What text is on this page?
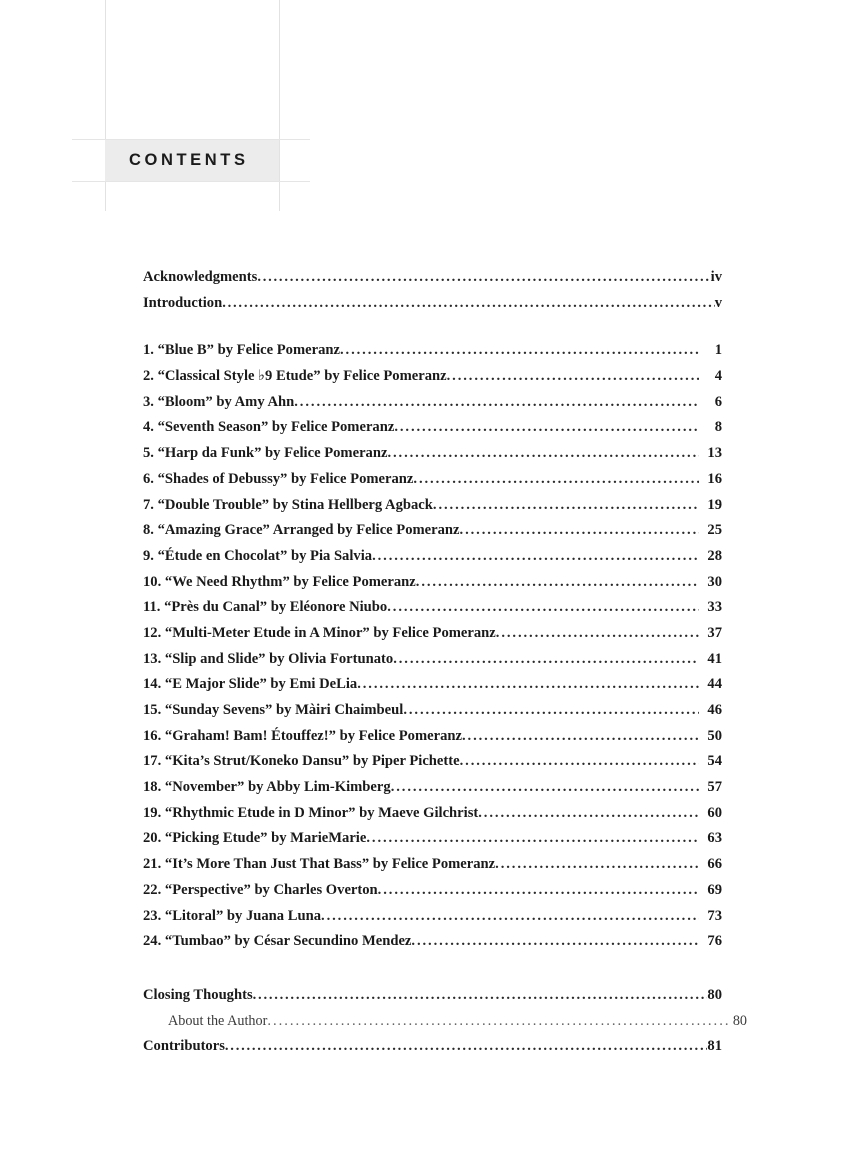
CONTENTS
Acknowledgments .....	iv
Introduction .....	v
1. “Blue B” by Felice Pomeranz .....	1
2. “Classical Style ♭9 Etude” by Felice Pomeranz .....	4
3. “Bloom” by Amy Ahn .....	6
4. “Seventh Season” by Felice Pomeranz .....	8
5. “Harp da Funk” by Felice Pomeranz .....	13
6. “Shades of Debussy” by Felice Pomeranz .....	16
7. “Double Trouble” by Stina Hellberg Agback .....	19
8. “Amazing Grace” Arranged by Felice Pomeranz .....	25
9. “Étude en Chocolat” by Pia Salvia .....	28
10. “We Need Rhythm” by Felice Pomeranz .....	30
11. “Près du Canal” by Eléonore Niubo .....	33
12. “Multi-Meter Etude in A Minor” by Felice Pomeranz .....	37
13. “Slip and Slide” by Olivia Fortunato .....	41
14. “E Major Slide” by Emi DeLia .....	44
15. “Sunday Sevens” by Màiri Chaimbeul .....	46
16. “Graham! Bam! Étouffez!” by Felice Pomeranz .....	50
17. “Kita’s Strut/Koneko Dansu” by Piper Pichette .....	54
18. “November” by Abby Lim-Kimberg .....	57
19. “Rhythmic Etude in D Minor” by Maeve Gilchrist .....	60
20. “Picking Etude” by MarieMarie .....	63
21. “It’s More Than Just That Bass” by Felice Pomeranz .....	66
22. “Perspective” by Charles Overton .....	69
23. “Litoral” by Juana Luna .....	73
24. “Tumbao” by César Secundino Mendez .....	76
Closing Thoughts .....	80
About the Author .....	80
Contributors .....	81
